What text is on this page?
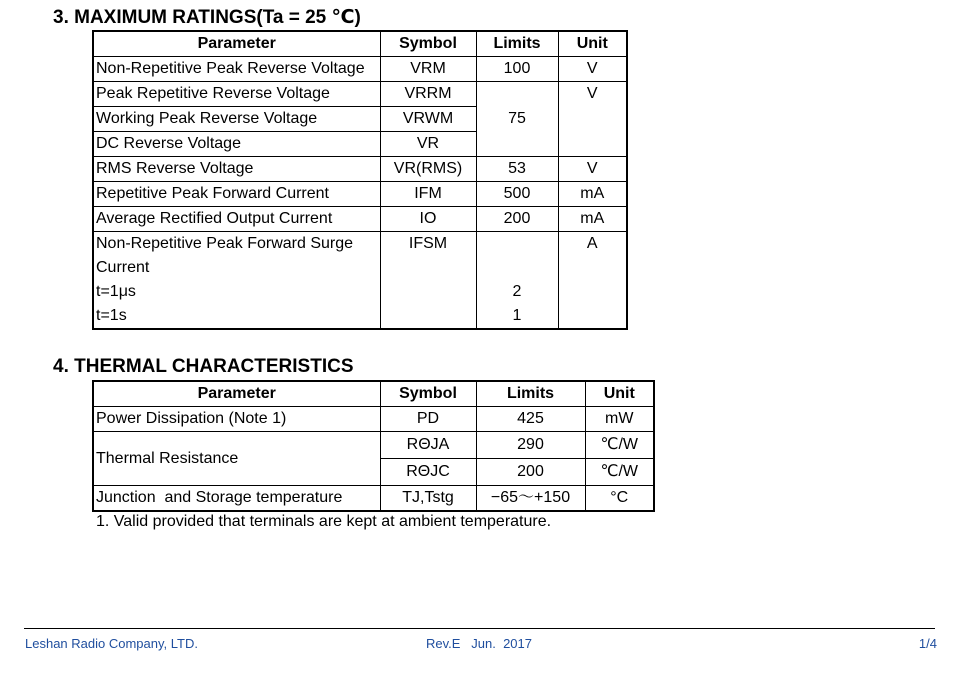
3. MAXIMUM RATINGS(Ta = 25 ℃)
Parameter	Symbol	Limits	Unit
Non-Repetitive Peak Reverse Voltage	VRM	100	V
Peak Repetitive Reverse Voltage	VRRM	75	V
Working Peak Reverse Voltage	VRWM		
DC Reverse Voltage	VR		
RMS Reverse Voltage	VR(RMS)	53	V
Repetitive Peak Forward Current	IFM	500	mA
Average Rectified Output Current	IO	200	mA
Non-Repetitive Peak Forward Surge	IFSM		A
Current			
t=1μs		2	
t=1s		1	
4. THERMAL CHARACTERISTICS
Parameter	Symbol	Limits	Unit
Power Dissipation (Note 1)	PD	425	mW
Thermal Resistance	RΘJA	290	℃/W
	RΘJC	200	℃/W
Junction  and Storage temperature	TJ,Tstg	−65～+150	°C
1. Valid provided that terminals are kept at ambient temperature.
Leshan Radio Company, LTD.	Rev.E   Jun.  2017	1/4
